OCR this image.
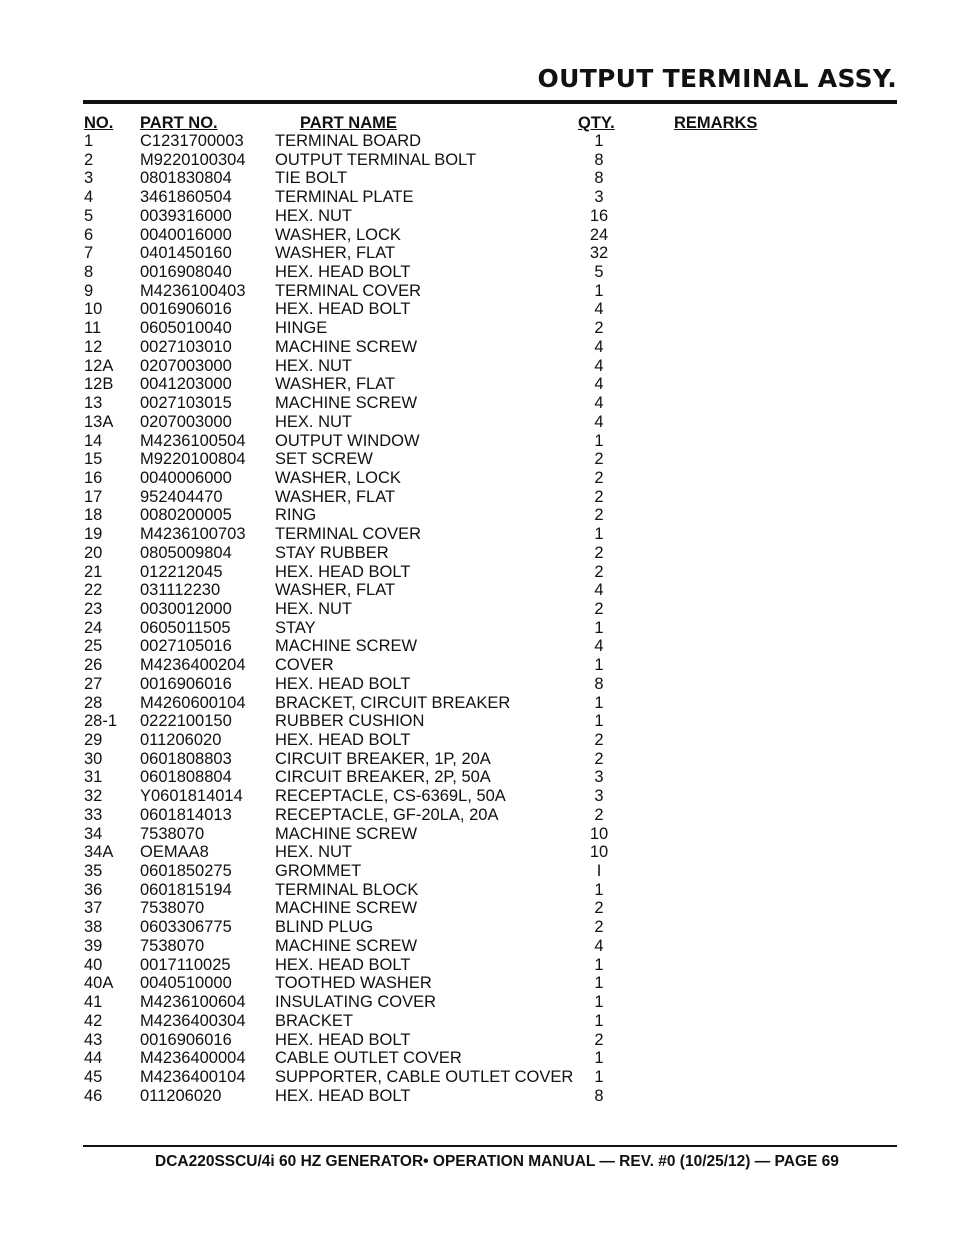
OUTPUT TERMINAL ASSY.
NO. PART NO.	PART NAME	QTY.	REMARKS
1	C1231700003 TERMINAL BOARD	1
2	M9220100304 OUTPUT TERMINAL BOLT	8
3	0801830804	TIE BOLT	8
4	3461860504	TERMINAL PLATE	3
5	0039316000	HEX. NUT	16
6	0040016000	WASHER, LOCK	24
7	0401450160	WASHER, FLAT	32
8	0016908040	HEX. HEAD BOLT	5
9	M4236100403 TERMINAL COVER	1
10 0016906016	HEX. HEAD BOLT	4
11 0605010040	HINGE	2
12 0027103010	MACHINE SCREW	4
12A 0207003000	HEX. NUT	4
12B 0041203000	WASHER, FLAT	4
13 0027103015	MACHINE SCREW	4
13A 0207003000	HEX. NUT	4
14 M4236100504 OUTPUT WINDOW	1
15 M9220100804 SET SCREW	2
16 0040006000	WASHER, LOCK	2
17 952404470	WASHER, FLAT	2
18 0080200005	RING	2
19 M4236100703 TERMINAL COVER	1
20 0805009804	STAY RUBBER	2
21 012212045	HEX. HEAD BOLT	2
22 031112230	WASHER, FLAT	4
23 0030012000	HEX. NUT	2
24 0605011505	STAY	1
25 0027105016	MACHINE SCREW	4
26 M4236400204 COVER	1
27 0016906016	HEX. HEAD BOLT	8
28 M4260600104 BRACKET, CIRCUIT BREAKER	1
28-1 0222100150	RUBBER CUSHION	1
29 011206020	HEX. HEAD BOLT	2
30 0601808803	CIRCUIT BREAKER, 1P, 20A	2
31 0601808804	CIRCUIT BREAKER, 2P, 50A	3
32 Y0601814014 RECEPTACLE, CS-6369L, 50A	3
33 0601814013	RECEPTACLE, GF-20LA, 20A	2
34 7538070	MACHINE SCREW	10
34A OEMAA8	HEX. NUT	10
35 0601850275	GROMMET	I
36 0601815194	TERMINAL BLOCK	1
37 7538070	MACHINE SCREW	2
38 0603306775	BLIND PLUG	2
39 7538070	MACHINE SCREW	4
40 0017110025	HEX. HEAD BOLT	1
40A 0040510000	TOOTHED WASHER	1
41 M4236100604 INSULATING COVER	1
42 M4236400304 BRACKET	1
43 0016906016	HEX. HEAD BOLT	2
44 M4236400004 CABLE OUTLET COVER	1
45 M4236400104 SUPPORTER, CABLE OUTLET COVER	1
46 011206020	HEX. HEAD BOLT	8
DCA220SSCU/4i 60 HZ GENERATOR• OPERATION MANUAL — REV. #0 (10/25/12) — PAGE 69
